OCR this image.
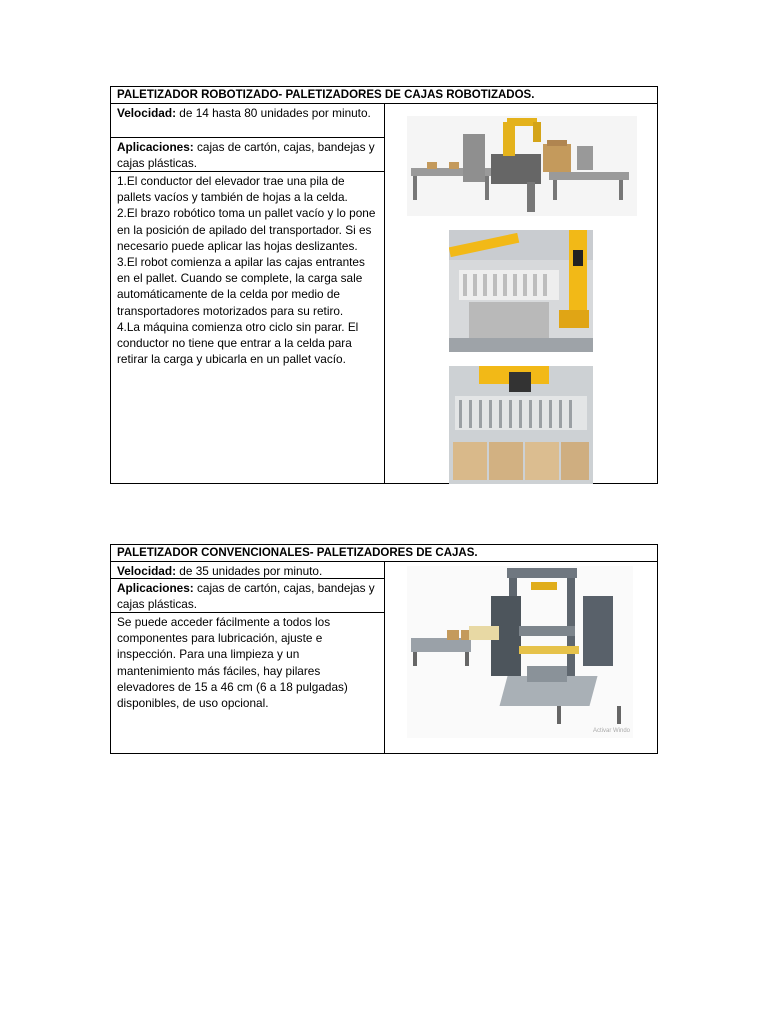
PALETIZADOR ROBOTIZADO- PALETIZADORES DE CAJAS ROBOTIZADOS.
Velocidad: de 14 hasta 80 unidades por minuto.
Aplicaciones: cajas de cartón, cajas, bandejas y cajas plásticas.
1.El conductor del elevador trae una pila de pallets vacíos y también de hojas a la celda.
2.El brazo robótico toma un pallet vacío y lo pone en la posición de apilado del transportador. Si es necesario puede aplicar las hojas deslizantes.
3.El robot comienza a apilar las cajas entrantes en el pallet. Cuando se complete, la carga sale automáticamente de la celda por medio de transportadores motorizados para su retiro.
4.La máquina comienza otro ciclo sin parar. El conductor no tiene que entrar a la celda para retirar la carga y ubicarla en un pallet vacío.
PALETIZADOR CONVENCIONALES- PALETIZADORES DE CAJAS.
Velocidad: de 35 unidades por minuto.
Aplicaciones: cajas de cartón, cajas, bandejas y cajas plásticas.
Se puede acceder fácilmente a todos los componentes para lubricación, ajuste e inspección. Para una limpieza y un mantenimiento más fáciles, hay pilares elevadores de 15 a 46 cm (6 a 18 pulgadas) disponibles, de uso opcional.
Activar Windo
